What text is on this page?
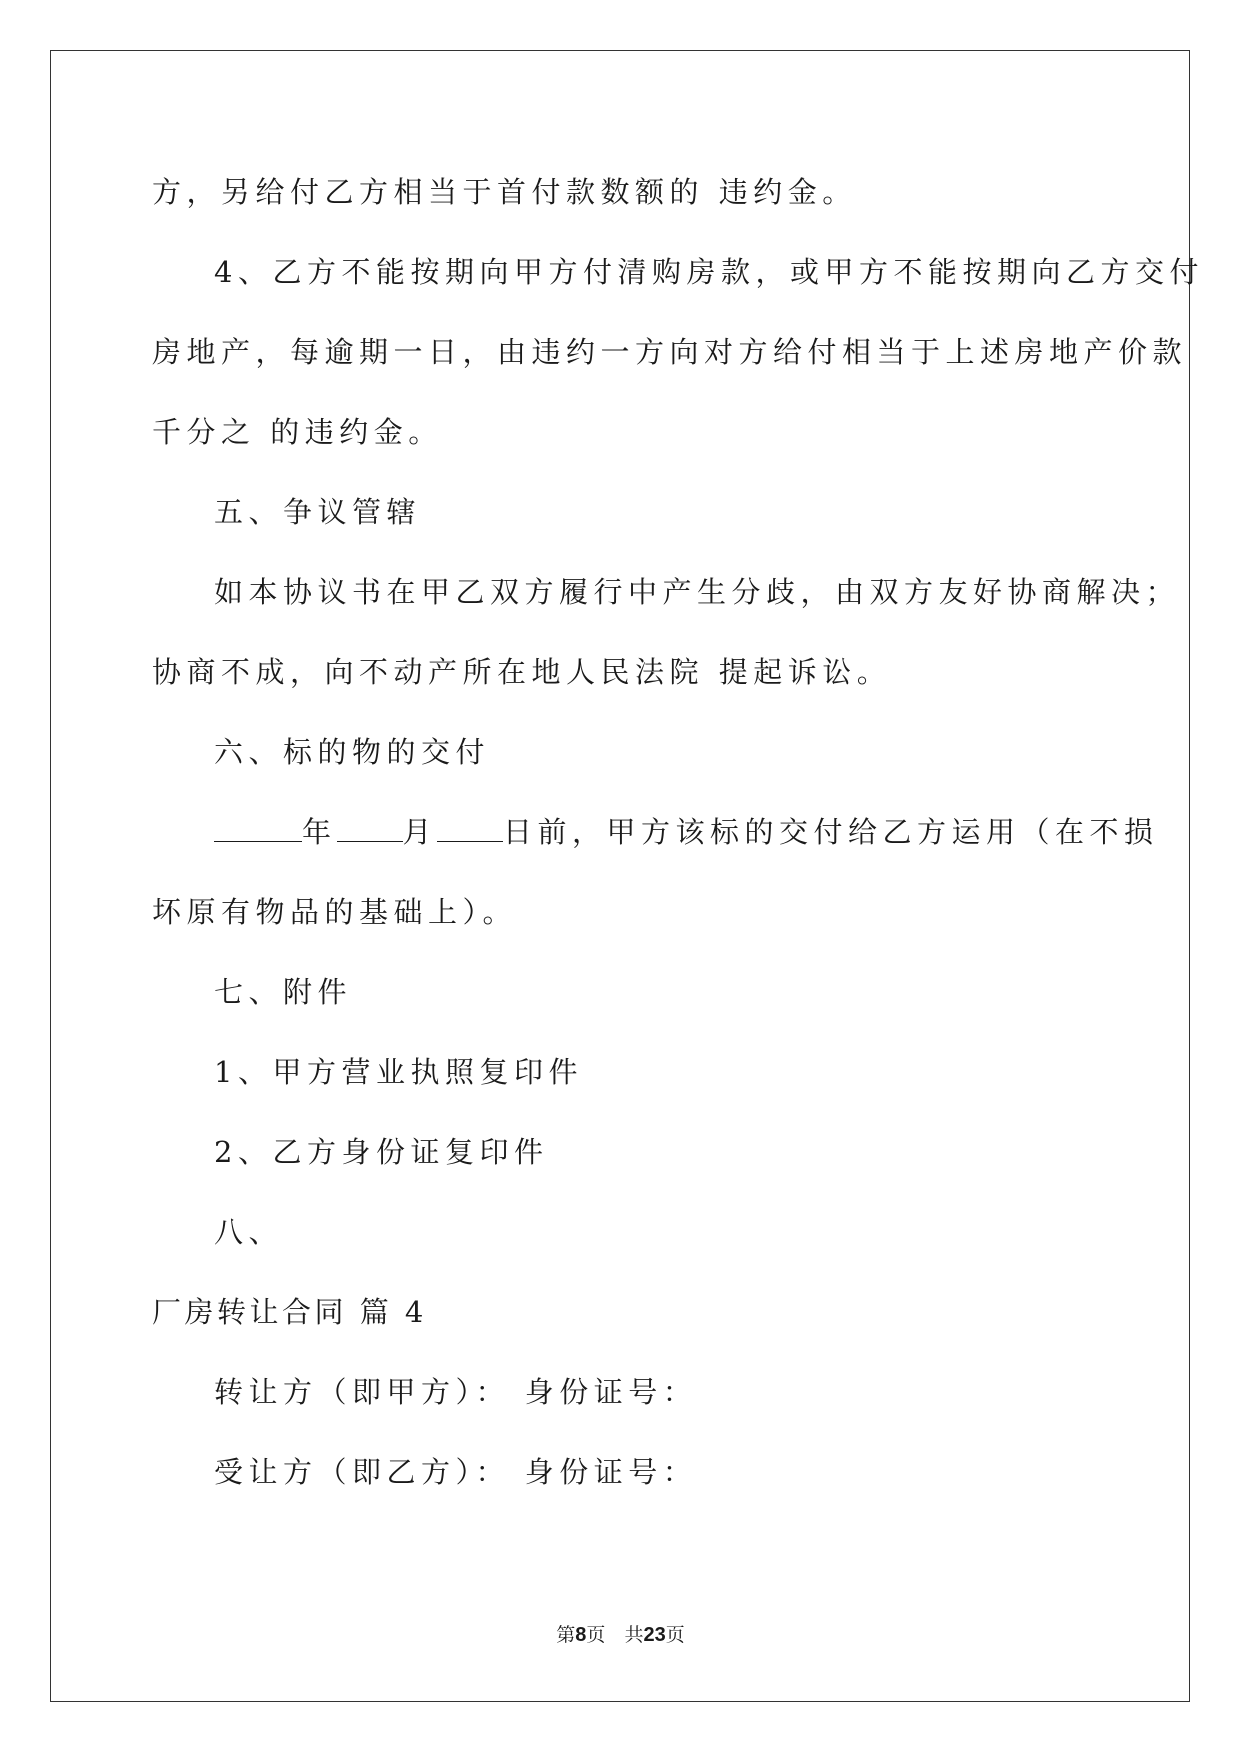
方，另给付乙方相当于首付款数额的 违约金。
4、乙方不能按期向甲方付清购房款，或甲方不能按期向乙方交付
房地产，每逾期一日，由违约一方向对方给付相当于上述房地产价款
千分之 的违约金。
五、争议管辖
如本协议书在甲乙双方履行中产生分歧，由双方友好协商解决；
协商不成，向不动产所在地人民法院 提起诉讼。
六、标的物的交付
年 月 日前，甲方该标的交付给乙方运用（在不损
坏原有物品的基础上）。
七、附件
1、甲方营业执照复印件
2、乙方身份证复印件
八、
厂房转让合同 篇 4
转让方（即甲方）： 身份证号：
受让方（即乙方）： 身份证号：
第8页 共23页
